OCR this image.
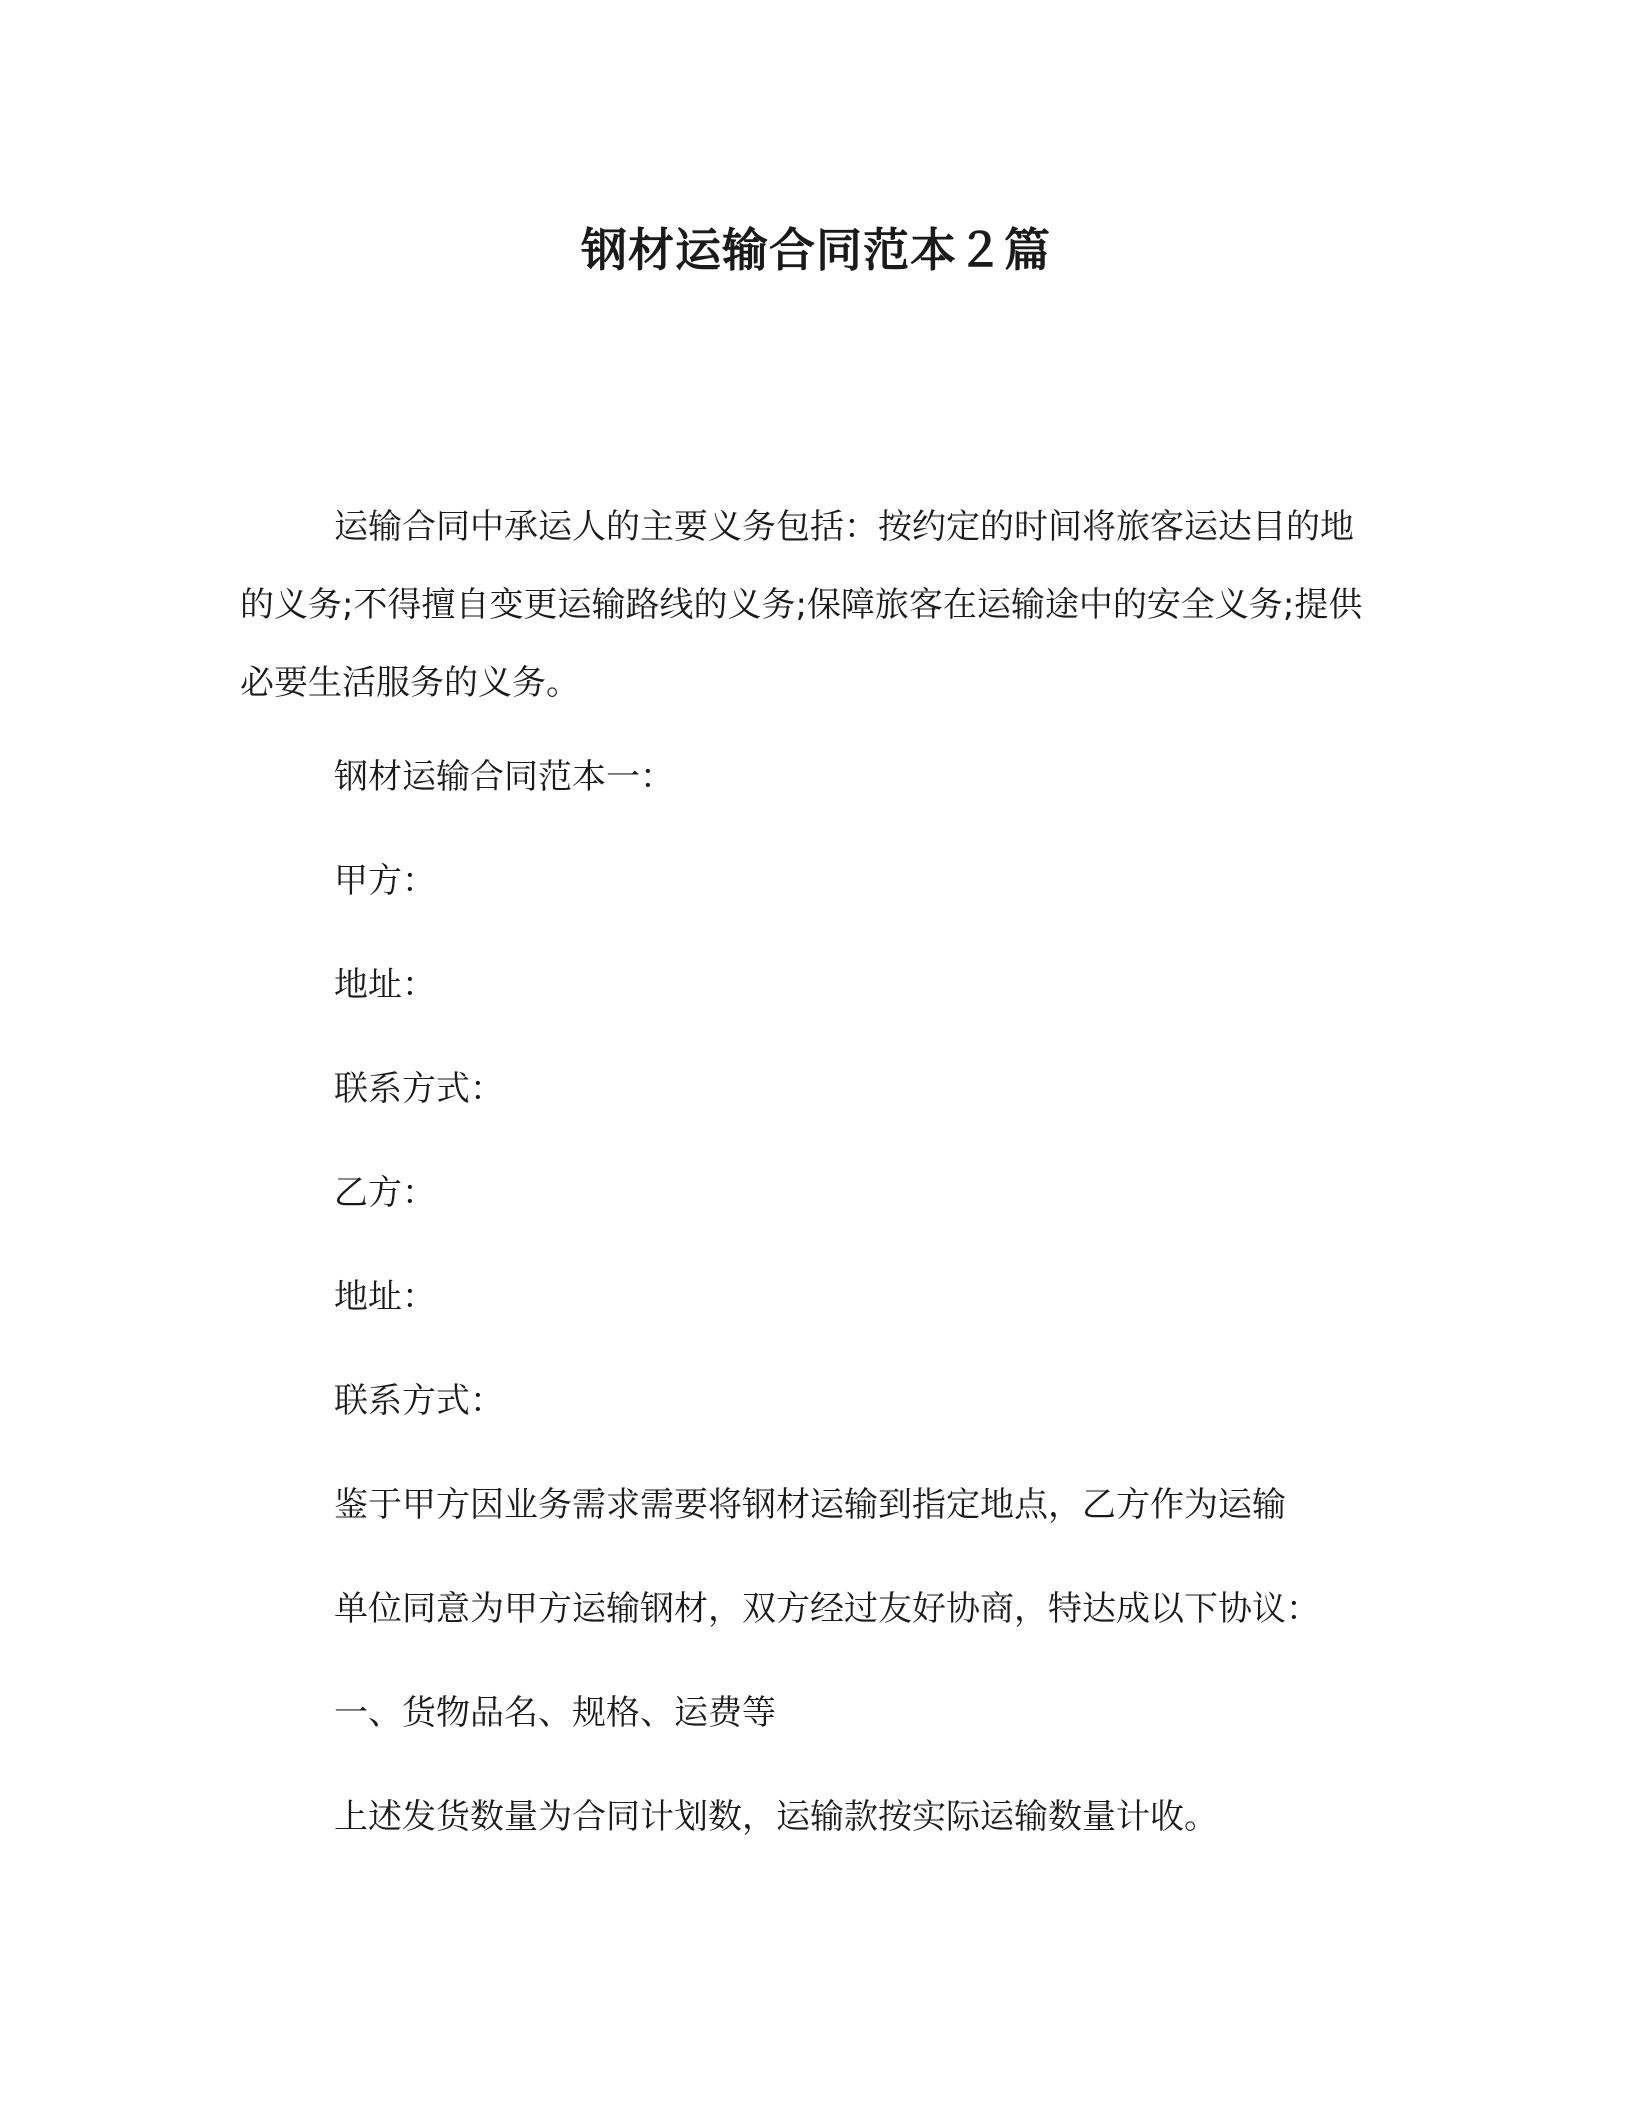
钢材运输合同范本２篇

运输合同中承运人的主要义务包括：按约定的时间将旅客运达目的地的义务;不得擅自变更运输路线的义务;保障旅客在运输途中的安全义务;提供必要生活服务的义务。

钢材运输合同范本一：

甲方：

地址：

联系方式：

乙方：

地址：

联系方式：

鉴于甲方因业务需求需要将钢材运输到指定地点，乙方作为运输

单位同意为甲方运输钢材，双方经过友好协商，特达成以下协议：

一、货物品名、规格、运费等

上述发货数量为合同计划数，运输款按实际运输数量计收。
